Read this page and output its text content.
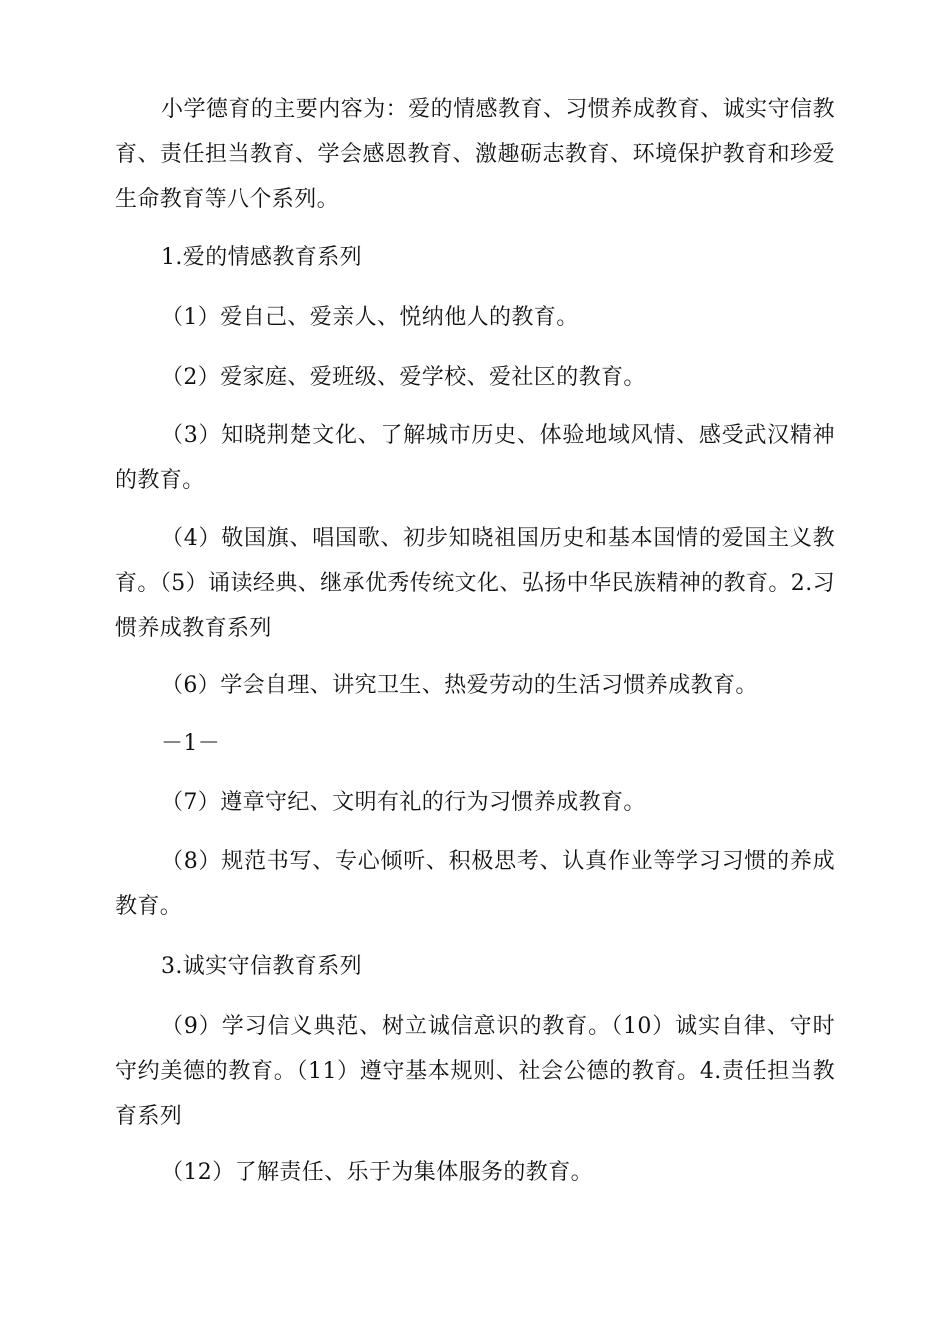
小学德育的主要内容为：爱的情感教育、习惯养成教育、诚实守信教育、责任担当教育、学会感恩教育、激趣砺志教育、环境保护教育和珍爱生命教育等八个系列。

1.爱的情感教育系列

（1）爱自己、爱亲人、悦纳他人的教育。

（2）爱家庭、爱班级、爱学校、爱社区的教育。

（3）知晓荆楚文化、了解城市历史、体验地域风情、感受武汉精神的教育。

（4）敬国旗、唱国歌、初步知晓祖国历史和基本国情的爱国主义教育。（5）诵读经典、继承优秀传统文化、弘扬中华民族精神的教育。2.习惯养成教育系列

（6）学会自理、讲究卫生、热爱劳动的生活习惯养成教育。

－1－

（7）遵章守纪、文明有礼的行为习惯养成教育。

（8）规范书写、专心倾听、积极思考、认真作业等学习习惯的养成教育。

3.诚实守信教育系列

（9）学习信义典范、树立诚信意识的教育。（10）诚实自律、守时守约美德的教育。（11）遵守基本规则、社会公德的教育。4.责任担当教育系列

（12）了解责任、乐于为集体服务的教育。
